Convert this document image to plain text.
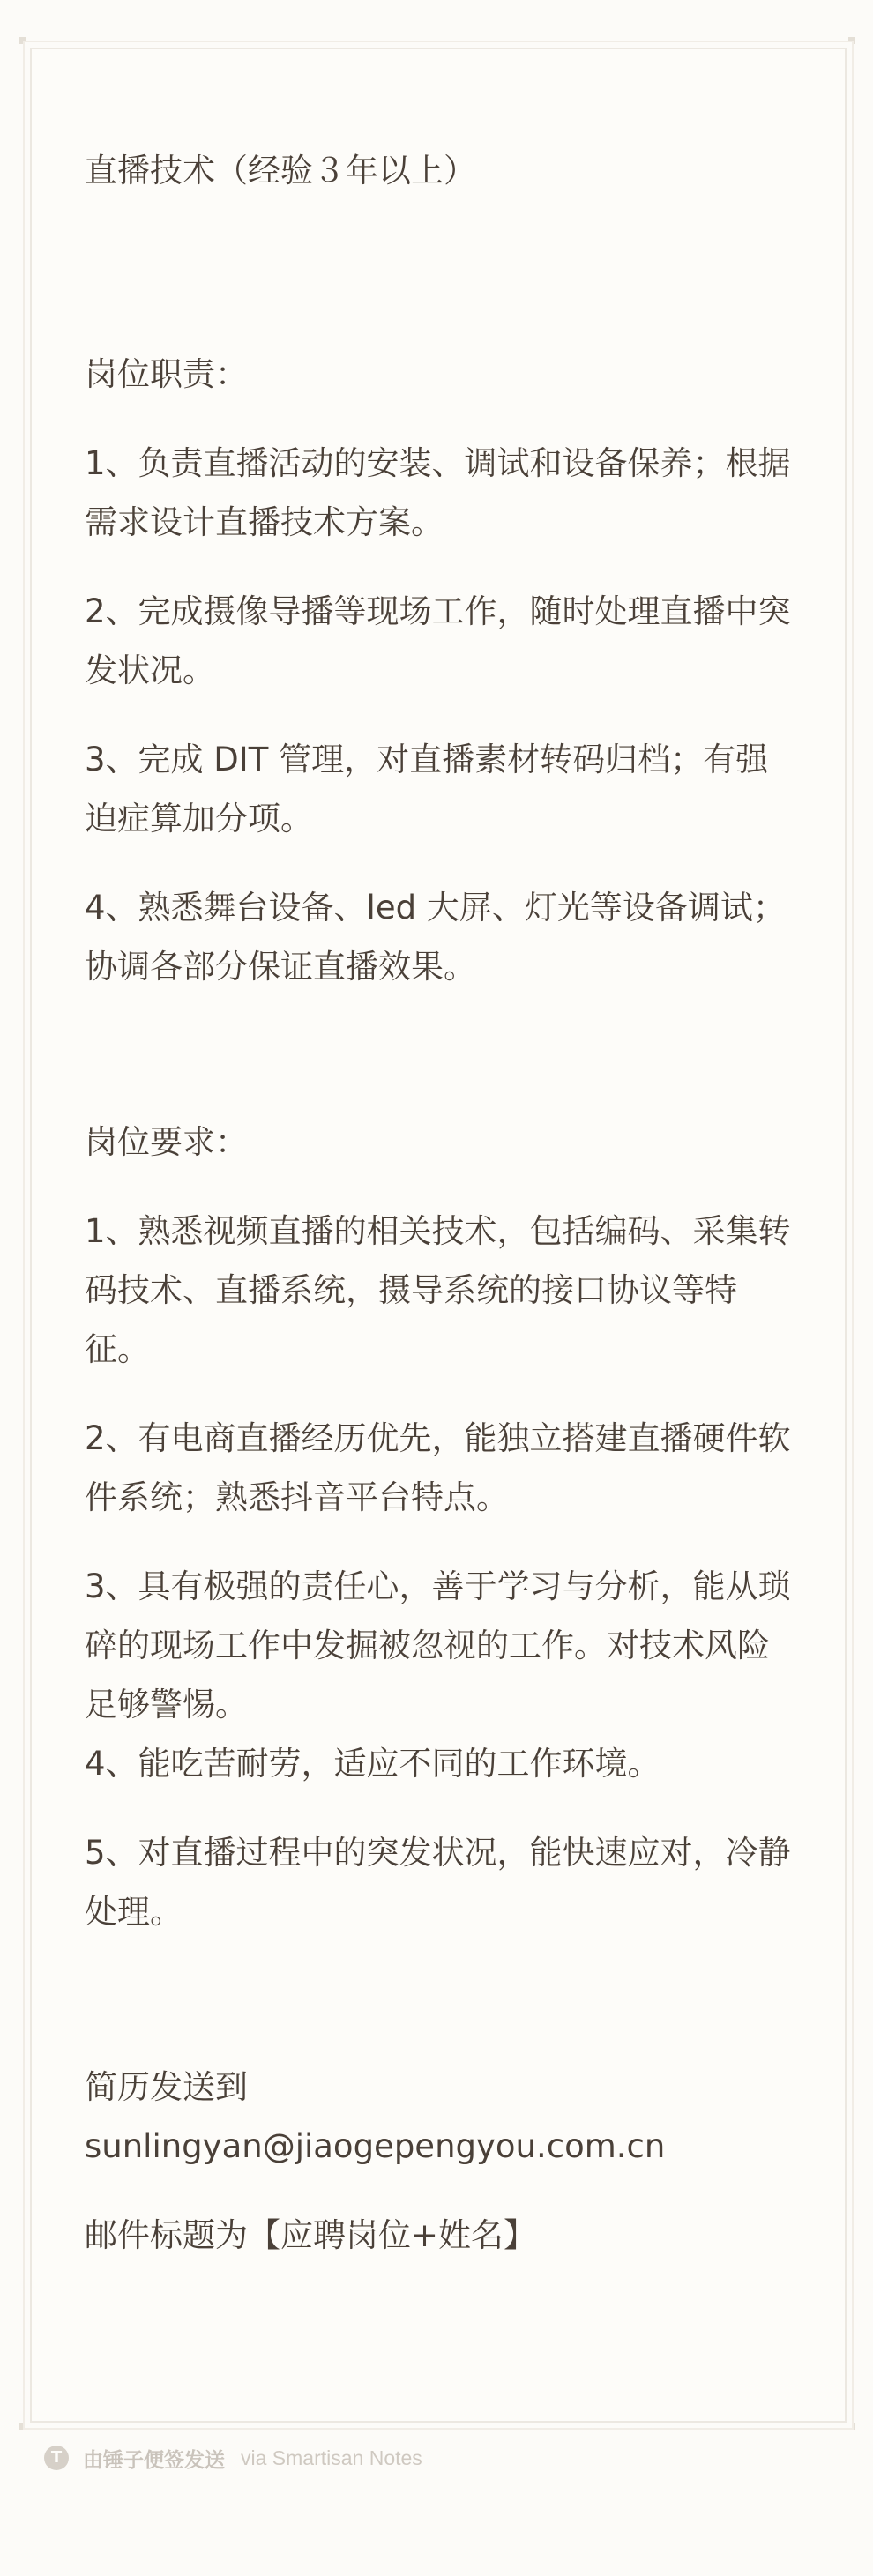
直播技术（经验３年以上）

岗位职责：

1、负责直播活动的安装、调试和设备保养；根据需求设计直播技术方案。

2、完成摄像导播等现场工作，随时处理直播中突发状况。

3、完成 DIT 管理，对直播素材转码归档；有强迫症算加分项。

4、熟悉舞台设备、led 大屏、灯光等设备调试；协调各部分保证直播效果。

岗位要求：

1、熟悉视频直播的相关技术，包括编码、采集转码技术、直播系统，摄导系统的接口协议等特征。

2、有电商直播经历优先，能独立搭建直播硬件软件系统；熟悉抖音平台特点。

3、具有极强的责任心，善于学习与分析，能从琐碎的现场工作中发掘被忽视的工作。对技术风险足够警惕。

4、能吃苦耐劳，适应不同的工作环境。

5、对直播过程中的突发状况，能快速应对，冷静处理。

简历发送到

sunlingyan@jiaogepengyou.com.cn

邮件标题为【应聘岗位+姓名】

T	由锤子便签发送 via Smartisan Notes
